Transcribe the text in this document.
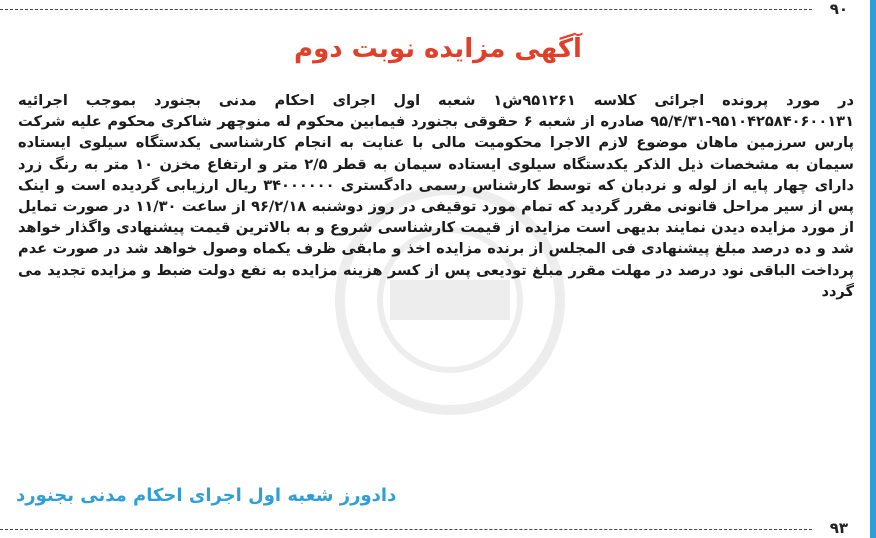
۹۰
آگهی مزایده نوبت دوم
در مورد پرونده اجرائی کلاسه ۹۵۱۲۶۱ش۱ شعبه اول اجرای احکام مدنی بجنورد بموجب اجرائیه ۹۵۱۰۴۲۵۸۴۰۶۰۰۱۳۱-۹۵/۴/۳۱ صادره از شعبه ۶ حقوقی بجنورد فیمابین محکوم له منوچهر شاکری محکوم علیه شرکت پارس سرزمین ماهان موضوع لازم الاجرا محکومیت مالی با عنایت به انجام کارشناسی یکدستگاه سیلوی ایستاده سیمان به مشخصات ذیل الذکر یکدستگاه سیلوی ایستاده سیمان به قطر ۲/۵ متر و ارتفاع مخزن ۱۰ متر به رنگ زرد دارای چهار پایه از لوله و نردبان که توسط کارشناس رسمی دادگستری ۳۴۰۰۰۰۰۰ ریال ارزیابی گردیده است و اینک پس از سیر مراحل قانونی مقرر گردید که تمام مورد توقیفی در روز دوشنبه ۹۶/۲/۱۸ از ساعت ۱۱/۳۰ در صورت تمایل از مورد مزایده دیدن نمایند بدیهی است مزایده از قیمت کارشناسی شروع و به بالاترین قیمت پیشنهادی واگذار خواهد شد و ده درصد مبلغ پیشنهادی فی المجلس از برنده مزایده اخذ و مابقی ظرف یکماه وصول خواهد شد در صورت عدم پرداخت الباقی نود درصد در مهلت مقرر مبلغ تودیعی پس از کسر هزینه مزایده به نفع دولت ضبط و مزایده تجدید می گردد
دادورز شعبه اول اجرای احکام مدنی بجنورد
۹۳
